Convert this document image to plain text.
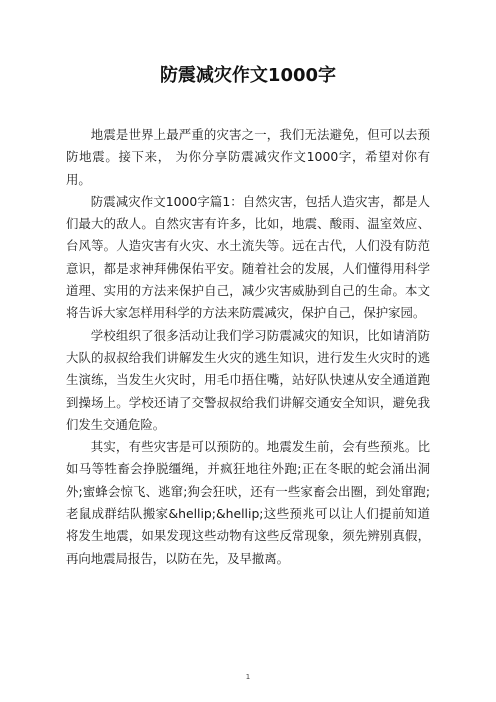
防震减灾作文1000字

地震是世界上最严重的灾害之一，我们无法避免，但可以去预防地震。接下来， 为你分享防震减灾作文1000字，希望对你有用。

防震减灾作文1000字篇1：自然灾害，包括人造灾害，都是人们最大的敌人。自然灾害有许多，比如，地震、酸雨、温室效应、台风等。人造灾害有火灾、水土流失等。远在古代，人们没有防范意识，都是求神拜佛保佑平安。随着社会的发展，人们懂得用科学道理、实用的方法来保护自己，减少灾害威胁到自己的生命。本文将告诉大家怎样用科学的方法来防震减灾，保护自己，保护家园。

学校组织了很多活动让我们学习防震减灾的知识，比如请消防大队的叔叔给我们讲解发生火灾的逃生知识，进行发生火灾时的逃生演练，当发生火灾时，用毛巾捂住嘴，站好队快速从安全通道跑到操场上。学校还请了交警叔叔给我们讲解交通安全知识，避免我们发生交通危险。

其实，有些灾害是可以预防的。地震发生前，会有些预兆。比如马等牲畜会挣脱缰绳，并疯狂地往外跑;正在冬眠的蛇会涌出洞外;蜜蜂会惊飞、逃窜;狗会狂吠，还有一些家畜会出圈，到处窜跑;老鼠成群结队搬家&hellip;&hellip;这些预兆可以让人们提前知道将发生地震，如果发现这些动物有这些反常现象，须先辨别真假，再向地震局报告，以防在先，及早撤离。

1
